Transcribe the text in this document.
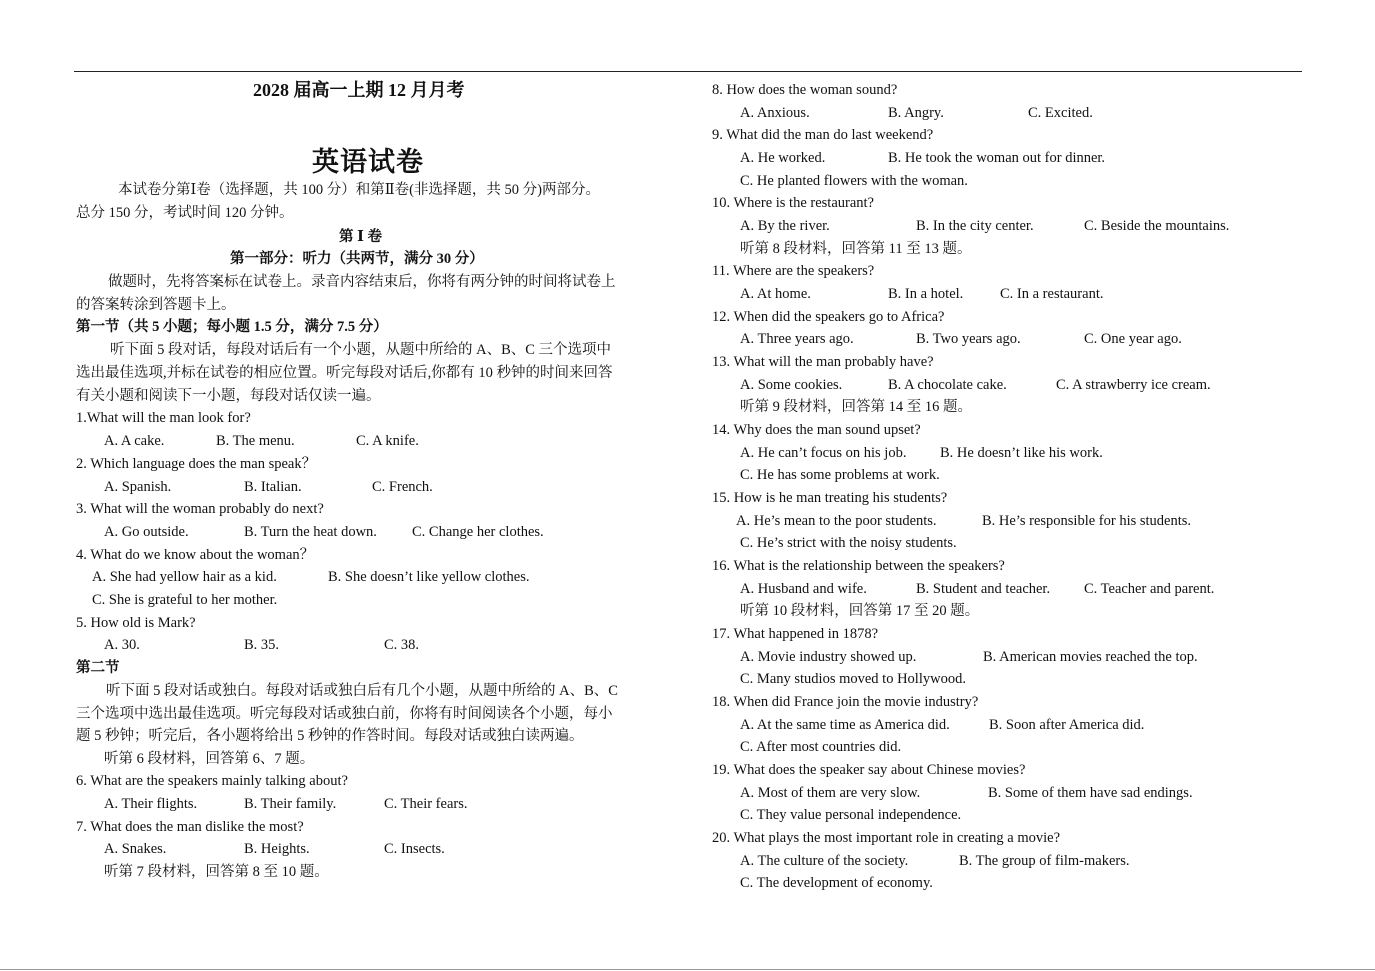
2028 届高一上期 12 月月考
英语试卷
本试卷分第Ⅰ卷（选择题，共 100 分）和第Ⅱ卷(非选择题，共 50 分)两部分。
总分 150 分，考试时间 120 分钟。
第 Ⅰ 卷
第一部分：听力（共两节，满分 30 分）
做题时，先将答案标在试卷上。录音内容结束后，你将有两分钟的时间将试卷上
的答案转涂到答题卡上。
第一节（共 5 小题；每小题 1.5 分，满分 7.5 分）
听下面 5 段对话，每段对话后有一个小题，从题中所给的 A、B、C 三个选项中
选出最佳选项,并标在试卷的相应位置。听完每段对话后,你都有 10 秒钟的时间来回答
有关小题和阅读下一小题，每段对话仅读一遍。
1.What will the man look for?
A. A cake.	B. The menu.	C. A knife.
2. Which language does the man speak？
A. Spanish.	B. Italian.	C. French.
3. What will the woman probably do next?
A. Go outside.	B. Turn the heat down. C. Change her clothes.
4. What do we know about the woman？
A. She had yellow hair as a kid.	B. She doesn’t like yellow clothes.
C. She is grateful to her mother.
5. How old is Mark?
A. 30.	B. 35.	C. 38.
第二节
听下面 5 段对话或独白。每段对话或独白后有几个小题，从题中所给的 A、B、C
三个选项中选出最佳选项。听完每段对话或独白前，你将有时间阅读各个小题，每小
题 5 秒钟；听完后，各小题将给出 5 秒钟的作答时间。每段对话或独白读两遍。
听第 6 段材料，回答第 6、7 题。
6. What are the speakers mainly talking about?
A. Their flights.	B. Their family.	C. Their fears.
7. What does the man dislike the most?
A. Snakes.	B. Heights.	C. Insects.
听第 7 段材料，回答第 8 至 10 题。
8. How does the woman sound?
A. Anxious.	B. Angry.	C. Excited.
9. What did the man do last weekend?
A. He worked.	B. He took the woman out for dinner.
C. He planted flowers with the woman.
10. Where is the restaurant?
A. By the river.	B. In the city center.	C. Beside the mountains.
听第 8 段材料，回答第 11 至 13 题。
11. Where are the speakers?
A. At home.	B. In a hotel.	C. In a restaurant.
12. When did the speakers go to Africa?
A. Three years ago.	B. Two years ago.	C. One year ago.
13. What will the man probably have?
A. Some cookies.	B. A chocolate cake.	C. A strawberry ice cream.
听第 9 段材料，回答第 14 至 16 题。
14. Why does the man sound upset?
A. He can’t focus on his job. B. He doesn’t like his work.
C. He has some problems at work.
15. How is he man treating his students?
A. He’s mean to the poor students.	B. He’s responsible for his students.
C. He’s strict with the noisy students.
16. What is the relationship between the speakers?
A. Husband and wife.	B. Student and teacher. C. Teacher and parent.
听第 10 段材料，回答第 17 至 20 题。
17. What happened in 1878?
A. Movie industry showed up.	B. American movies reached the top.
C. Many studios moved to Hollywood.
18. When did France join the movie industry?
A. At the same time as America did.	B. Soon after America did.
C. After most countries did.
19. What does the speaker say about Chinese movies?
A. Most of them are very slow.	B. Some of them have sad endings.
C. They value personal independence.
20. What plays the most important role in creating a movie?
A. The culture of the society.	B. The group of film-makers.
C. The development of economy.
